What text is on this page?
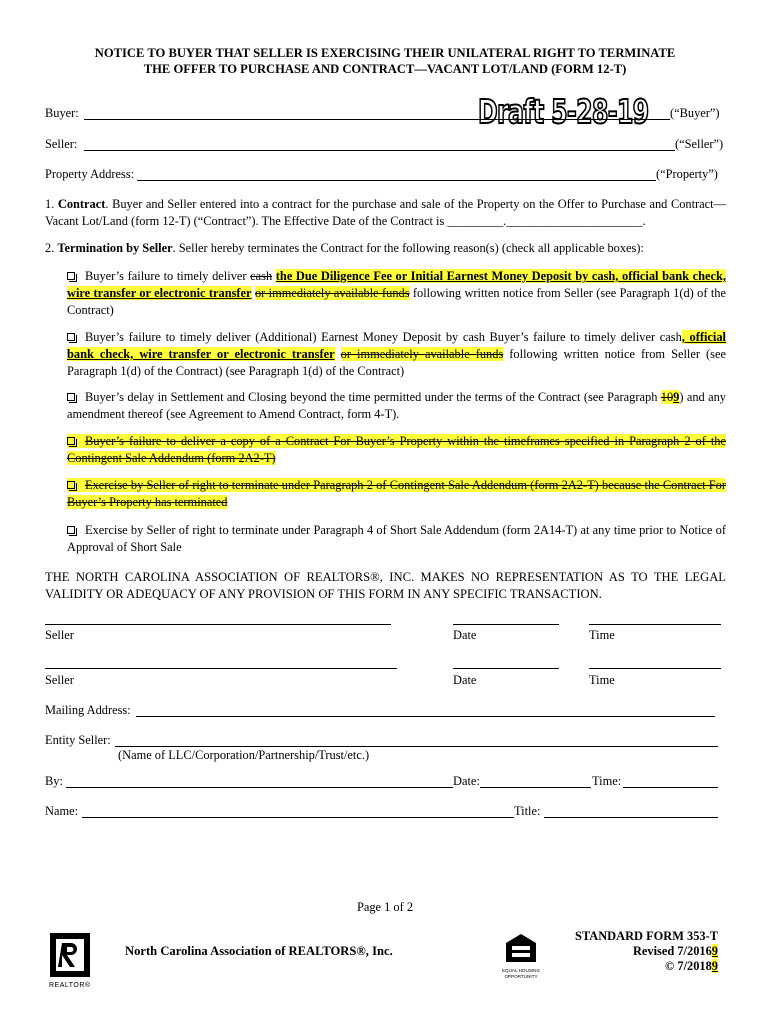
NOTICE TO BUYER THAT SELLER IS EXERCISING THEIR UNILATERAL RIGHT TO TERMINATE
THE OFFER TO PURCHASE AND CONTRACT—VACANT LOT/LAND (FORM 12-T)
Draft 5-28-19
Buyer:	(“Buyer”)
Seller:	(“Seller”)
Property Address:	(“Property”)
1. Contract. Buyer and Seller entered into a contract for the purchase and sale of the Property on the Offer to Purchase and Contract—Vacant Lot/Land (form 12-T) (“Contract”). The Effective Date of the Contract is _________.______________________.
2. Termination by Seller. Seller hereby terminates the Contract for the following reason(s) (check all applicable boxes):
Buyer’s failure to timely deliver cash the Due Diligence Fee or Initial Earnest Money Deposit by cash, official bank check, wire transfer or electronic transfer or immediately available funds following written notice from Seller (see Paragraph 1(d) of the Contract)
Buyer’s failure to timely deliver (Additional) Earnest Money Deposit by cash Buyer’s failure to timely deliver cash, official bank check, wire transfer or electronic transfer or immediately available funds following written notice from Seller (see Paragraph 1(d) of the Contract) (see Paragraph 1(d) of the Contract)
Buyer’s delay in Settlement and Closing beyond the time permitted under the terms of the Contract (see Paragraph 109) and any amendment thereof (see Agreement to Amend Contract, form 4-T).
Buyer’s failure to deliver a copy of a Contract For Buyer’s Property within the timeframes specified in Paragraph 2 of the Contingent Sale Addendum (form 2A2-T)
Exercise by Seller of right to terminate under Paragraph 2 of Contingent Sale Addendum (form 2A2-T) because the Contract For Buyer’s Property has terminated
Exercise by Seller of right to terminate under Paragraph 4 of Short Sale Addendum (form 2A14-T) at any time prior to Notice of Approval of Short Sale
THE NORTH CAROLINA ASSOCIATION OF REALTORS®, INC. MAKES NO REPRESENTATION AS TO THE LEGAL VALIDITY OR ADEQUACY OF ANY PROVISION OF THIS FORM IN ANY SPECIFIC TRANSACTION.
Seller	Date	Time
Seller	Date	Time
Mailing Address:
Entity Seller:
(Name of LLC/Corporation/Partnership/Trust/etc.)
By:	Date:	Time:
Name:	Title:
Page 1 of 2
REALTOR®
North Carolina Association of REALTORS®, Inc.
EQUAL HOUSING
OPPORTUNITY
STANDARD FORM 353-T
Revised 7/20169
© 7/20189
